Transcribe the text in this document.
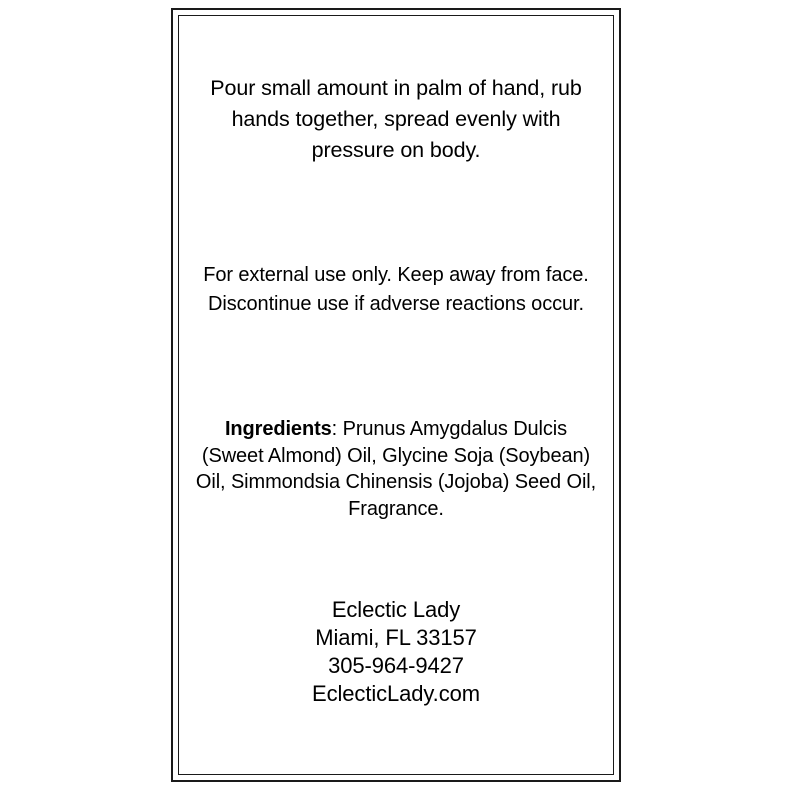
Pour small amount in palm of hand, rub hands together, spread evenly with pressure on body.
For external use only. Keep away from face. Discontinue use if adverse reactions occur.
Ingredients: Prunus Amygdalus Dulcis (Sweet Almond) Oil, Glycine Soja (Soybean) Oil, Simmondsia Chinensis (Jojoba) Seed Oil, Fragrance.
Eclectic Lady
Miami, FL 33157
305-964-9427
EclecticLady.com
